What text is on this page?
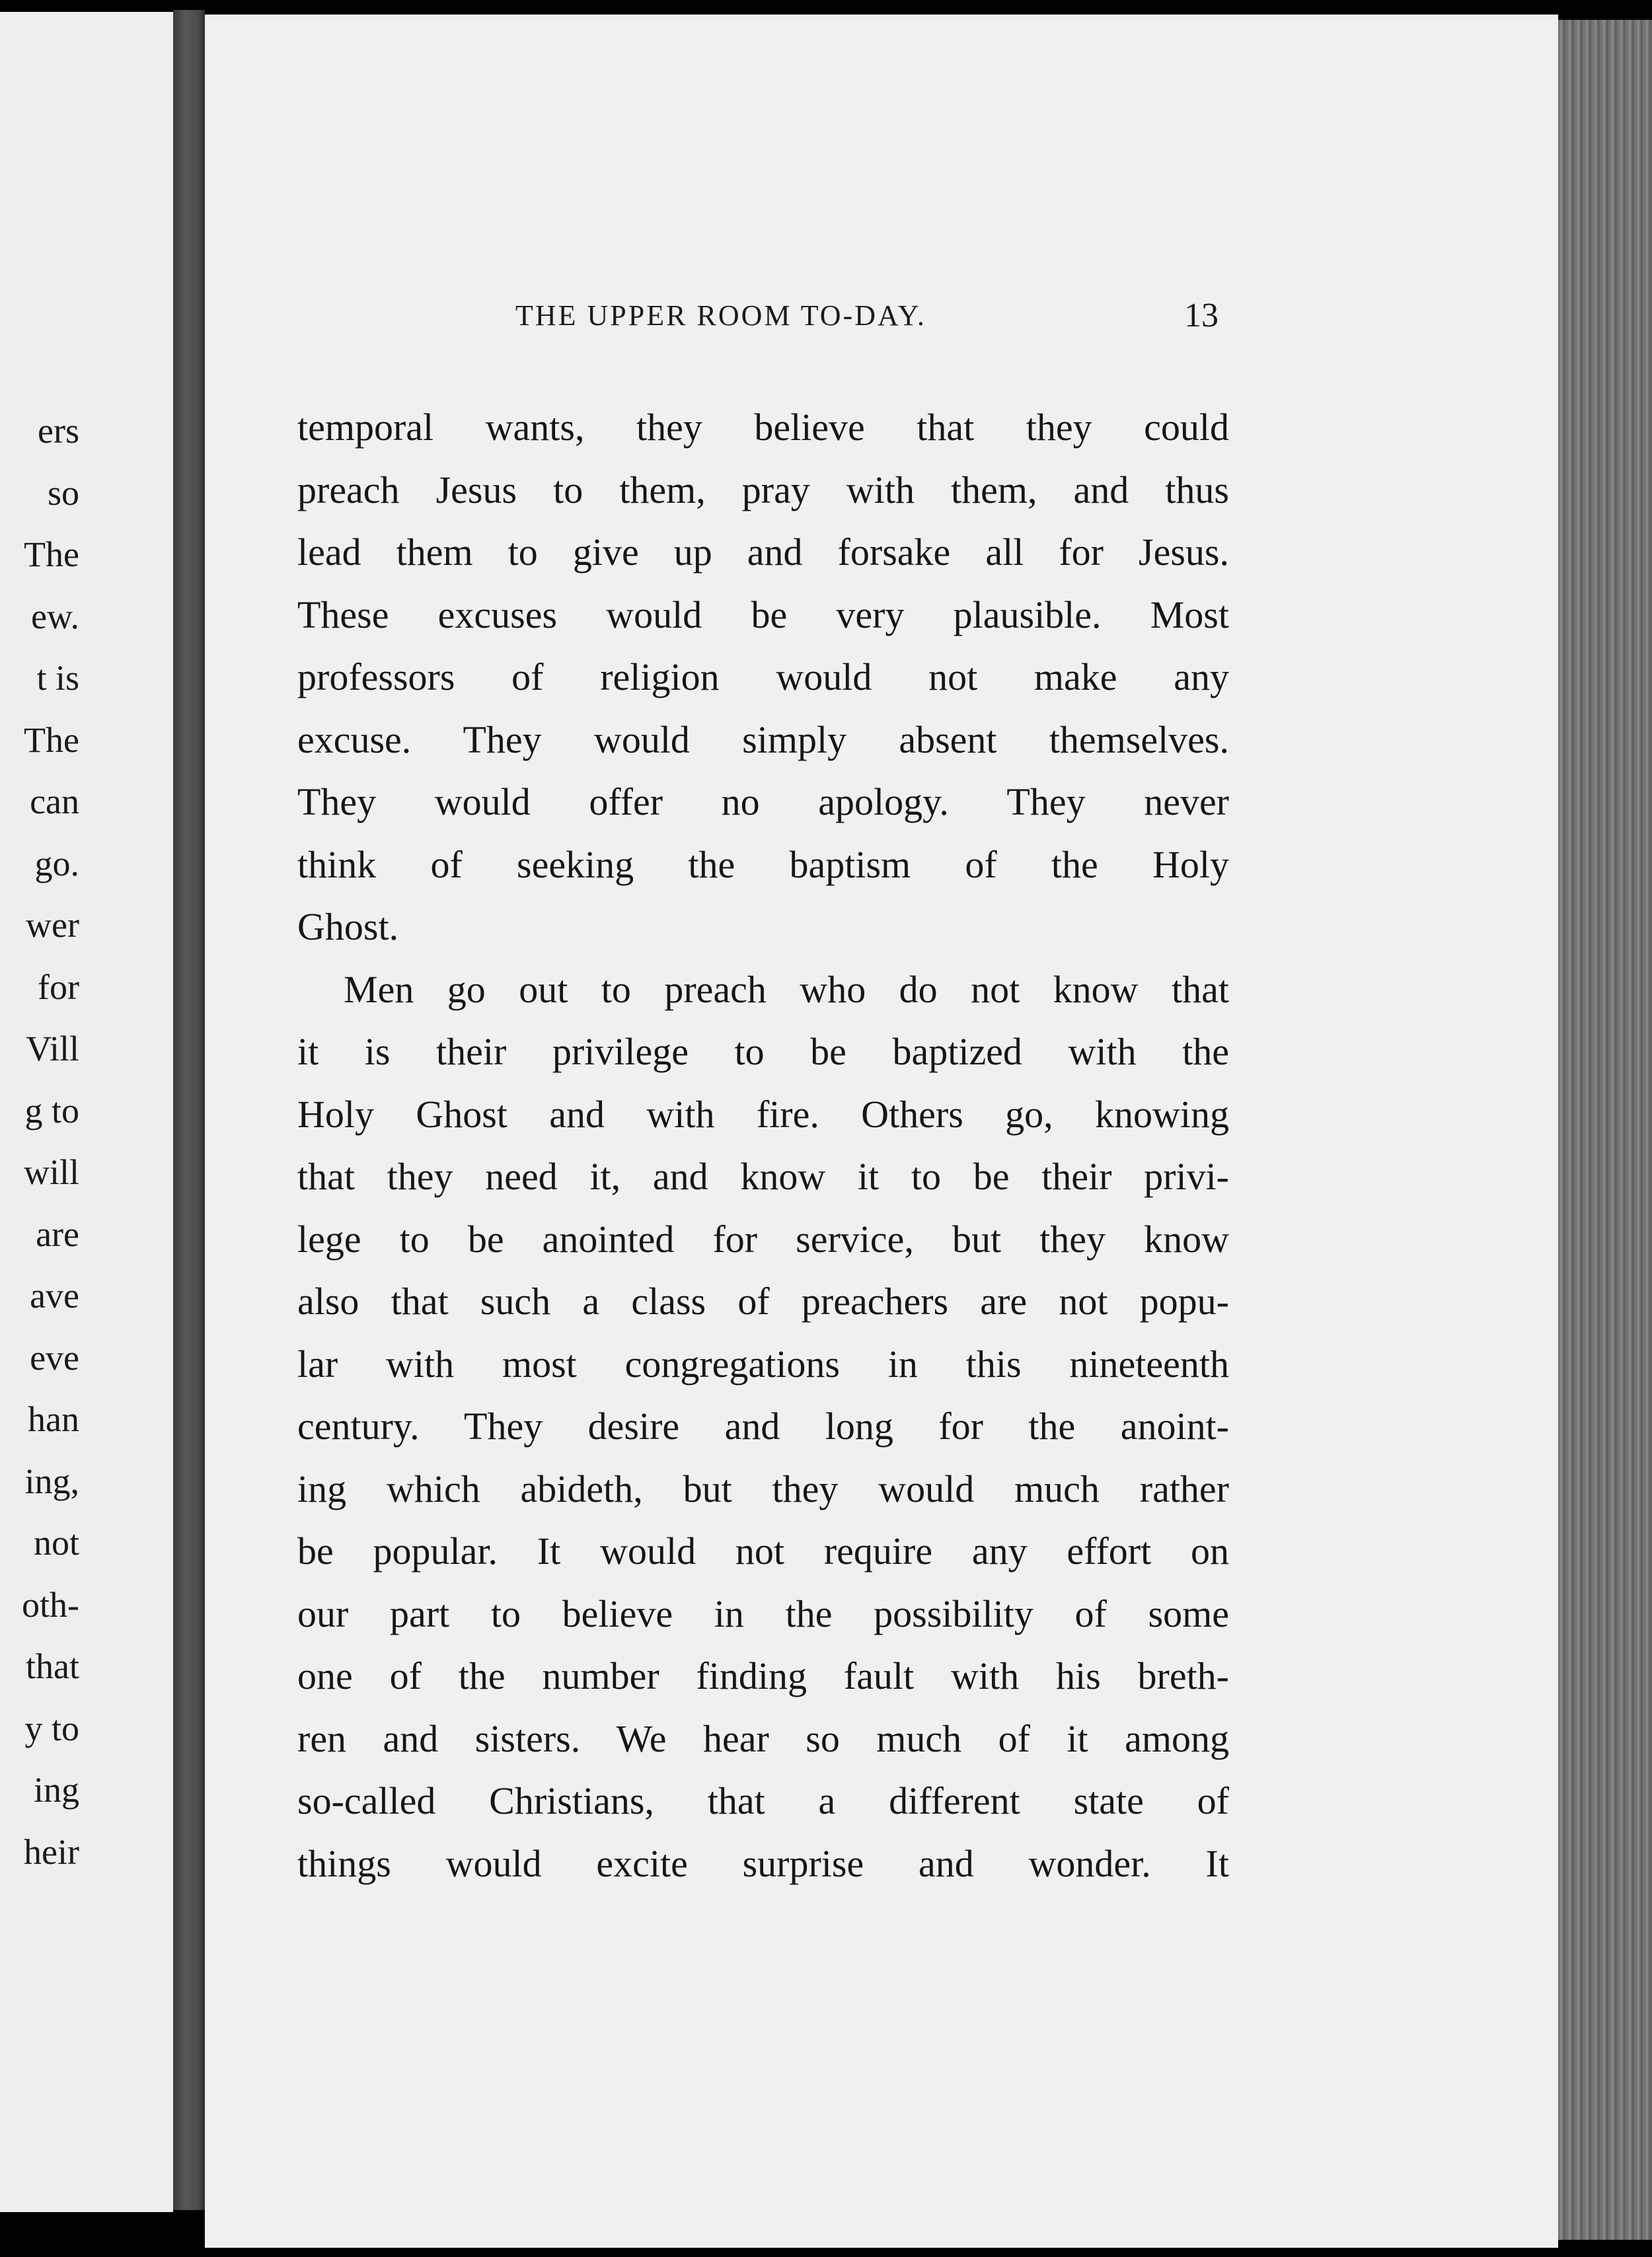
ers
so
The
ew.
t is
The
can
go.
wer
for
Vill
g to
will
are
ave
eve
han
ing,
not
oth-
that
y to
ing
heir
THE UPPER ROOM TO-DAY.	13
temporal wants, they believe that they could
preach Jesus to them, pray with them, and thus
lead them to give up and forsake all for Jesus.
These excuses would be very plausible. Most
professors of religion would not make any
excuse. They would simply absent themselves.
They would offer no apology. They never
think of seeking the baptism of the Holy
Ghost.
Men go out to preach who do not know that
it is their privilege to be baptized with the
Holy Ghost and with fire. Others go, knowing
that they need it, and know it to be their privi-
lege to be anointed for service, but they know
also that such a class of preachers are not popu-
lar with most congregations in this nineteenth
century. They desire and long for the anoint-
ing which abideth, but they would much rather
be popular. It would not require any effort on
our part to believe in the possibility of some
one of the number finding fault with his breth-
ren and sisters. We hear so much of it among
so-called Christians, that a different state of
things would excite surprise and wonder. It
